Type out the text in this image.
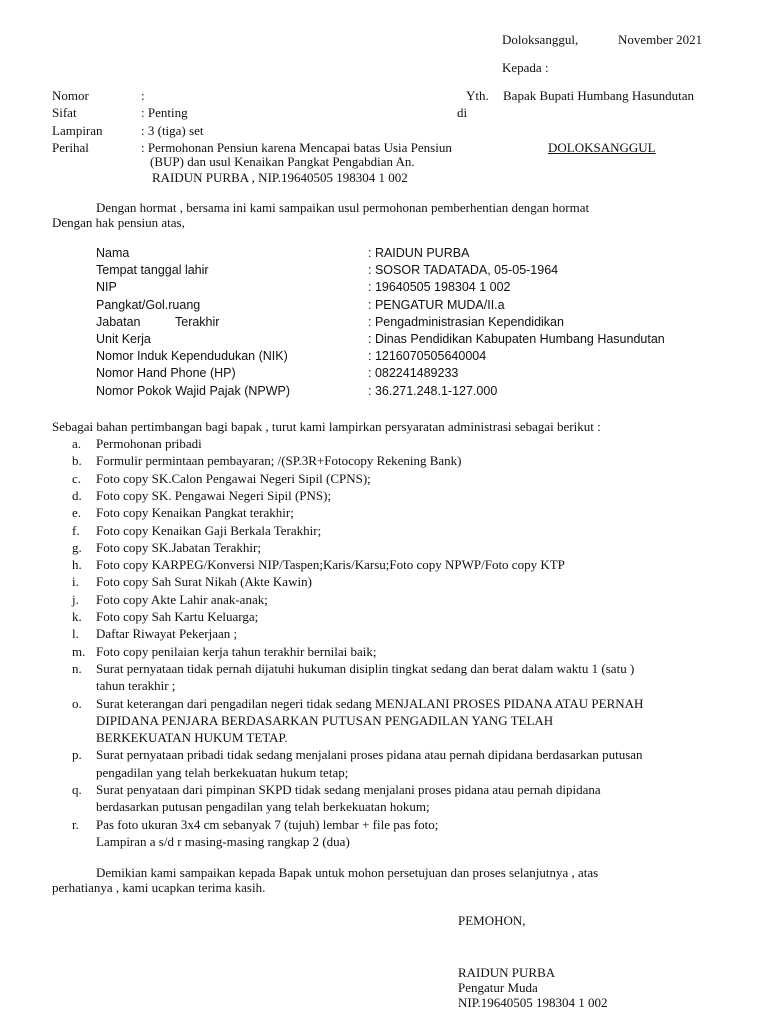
Doloksanggul,	November 2021
Kepada :
Nomor	:	Yth. Bapak Bupati Humbang Hasundutan
Sifat	: Penting	di
Lampiran	: 3 (tiga) set
Perihal	: Permohonan Pensiun karena Mencapai batas Usia Pensiun	DOLOKSANGGUL
(BUP) dan usul Kenaikan Pangkat Pengabdian An.
RAIDUN PURBA , NIP.19640505 198304 1 002
Dengan hormat , bersama ini kami sampaikan usul permohonan pemberhentian dengan hormat
Dengan hak pensiun atas,
Nama	: RAIDUN PURBA
Tempat tanggal lahir	: SOSOR TADATADA, 05-05-1964
NIP	: 19640505 198304 1 002
Pangkat/Gol.ruang	: PENGATUR MUDA/II.a
Jabatan          Terakhir	: Pengadministrasian Kependidikan
Unit Kerja	: Dinas Pendidikan Kabupaten Humbang Hasundutan
Nomor Induk Kependudukan (NIK)	: 1216070505640004
Nomor Hand Phone (HP)	: 082241489233
Nomor Pokok Wajid Pajak (NPWP)	: 36.271.248.1-127.000
Sebagai bahan pertimbangan bagi bapak , turut kami lampirkan persyaratan administrasi sebagai berikut :
a. Permohonan pribadi
b. Formulir permintaan pembayaran; /(SP.3R+Fotocopy Rekening Bank)
c. Foto copy SK.Calon Pengawai Negeri Sipil (CPNS);
d. Foto copy SK. Pengawai Negeri Sipil (PNS);
e. Foto copy Kenaikan Pangkat terakhir;
f. Foto copy Kenaikan Gaji Berkala Terakhir;
g. Foto copy SK.Jabatan Terakhir;
h. Foto copy KARPEG/Konversi NIP/Taspen;Karis/Karsu;Foto copy NPWP/Foto copy KTP
i. Foto copy Sah Surat Nikah (Akte Kawin)
j. Foto copy Akte Lahir anak-anak;
k. Foto copy Sah Kartu Keluarga;
l. Daftar Riwayat Pekerjaan ;
m. Foto copy penilaian kerja tahun terakhir bernilai baik;
n. Surat pernyataan tidak pernah dijatuhi hukuman disiplin tingkat sedang dan berat dalam waktu 1 (satu )
tahun terakhir ;
o. Surat keterangan dari pengadilan negeri tidak sedang MENJALANI PROSES PIDANA ATAU PERNAH
DIPIDANA PENJARA BERDASARKAN PUTUSAN PENGADILAN YANG TELAH
BERKEKUATAN HUKUM TETAP.
p. Surat pernyataan pribadi tidak sedang menjalani proses pidana atau pernah dipidana berdasarkan putusan
pengadilan yang telah berkekuatan hukum tetap;
q. Surat penyataan dari pimpinan SKPD tidak sedang menjalani proses pidana atau pernah dipidana
berdasarkan putusan pengadilan yang telah berkekuatan hokum;
r. Pas foto ukuran 3x4 cm sebanyak 7 (tujuh) lembar + file pas foto;
Lampiran a s/d r masing-masing rangkap 2 (dua)
Demikian kami sampaikan kepada Bapak untuk mohon persetujuan dan proses selanjutnya , atas
perhatianya , kami ucapkan terima kasih.
PEMOHON,
RAIDUN PURBA
Pengatur Muda
NIP.19640505 198304 1 002
